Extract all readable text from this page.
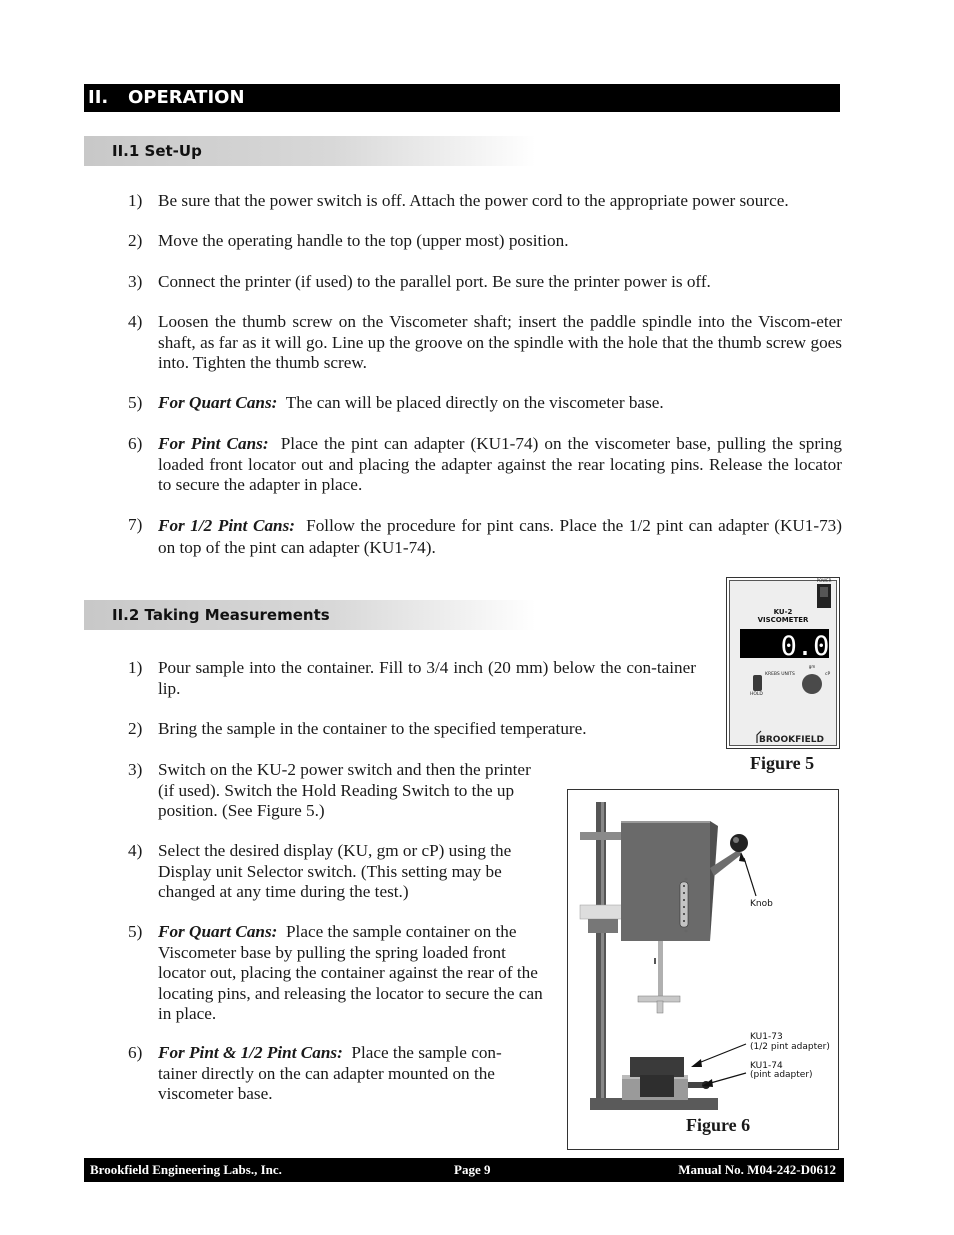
II. OPERATION
II.1 Set-Up
1) Be sure that the power switch is off. Attach the power cord to the appropriate power source.
2) Move the operating handle to the top (upper most) position.
3) Connect the printer (if used) to the parallel port. Be sure the printer power is off.
4) Loosen the thumb screw on the Viscometer shaft; insert the paddle spindle into the Viscom-eter shaft, as far as it will go. Line up the groove on the spindle with the hole that the thumb screw goes into. Tighten the thumb screw.
5) For Quart Cans: The can will be placed directly on the viscometer base.
6) For Pint Cans: Place the pint can adapter (KU1-74) on the viscometer base, pulling the spring loaded front locator out and placing the adapter against the rear locating pins. Release the locator to secure the adapter in place.
7) For 1/2 Pint Cans: Follow the procedure for pint cans. Place the 1/2 pint can adapter (KU1-73) on top of the pint can adapter (KU1-74).
II.2 Taking Measurements
1) Pour sample into the container. Fill to 3/4 inch (20 mm) below the con-tainer lip.
2) Bring the sample in the container to the specified temperature.
3) Switch on the KU-2 power switch and then the printer (if used). Switch the Hold Reading Switch to the up position. (See Figure 5.)
4) Select the desired display (KU, gm or cP) using the Display unit Selector switch. (This setting may be changed at any time during the test.)
5) For Quart Cans: Place the sample container on the Viscometer base by pulling the spring loaded front locator out, placing the container against the rear of the locating pins, and releasing the locator to secure the can in place.
6) For Pint & 1/2 Pint Cans: Place the sample con-tainer directly on the can adapter mounted on the viscometer base.
POWER
KU-2
VISCOMETER
0.0
gm
KREBS UNITS	cP
HOLD
BROOKFIELD
Figure 5
Knob
KU1-73
(1/2 pint adapter)
KU1-74
(pint adapter)
Figure 6
Brookfield Engineering Labs., Inc.	Page 9	Manual No. M04-242-D0612
